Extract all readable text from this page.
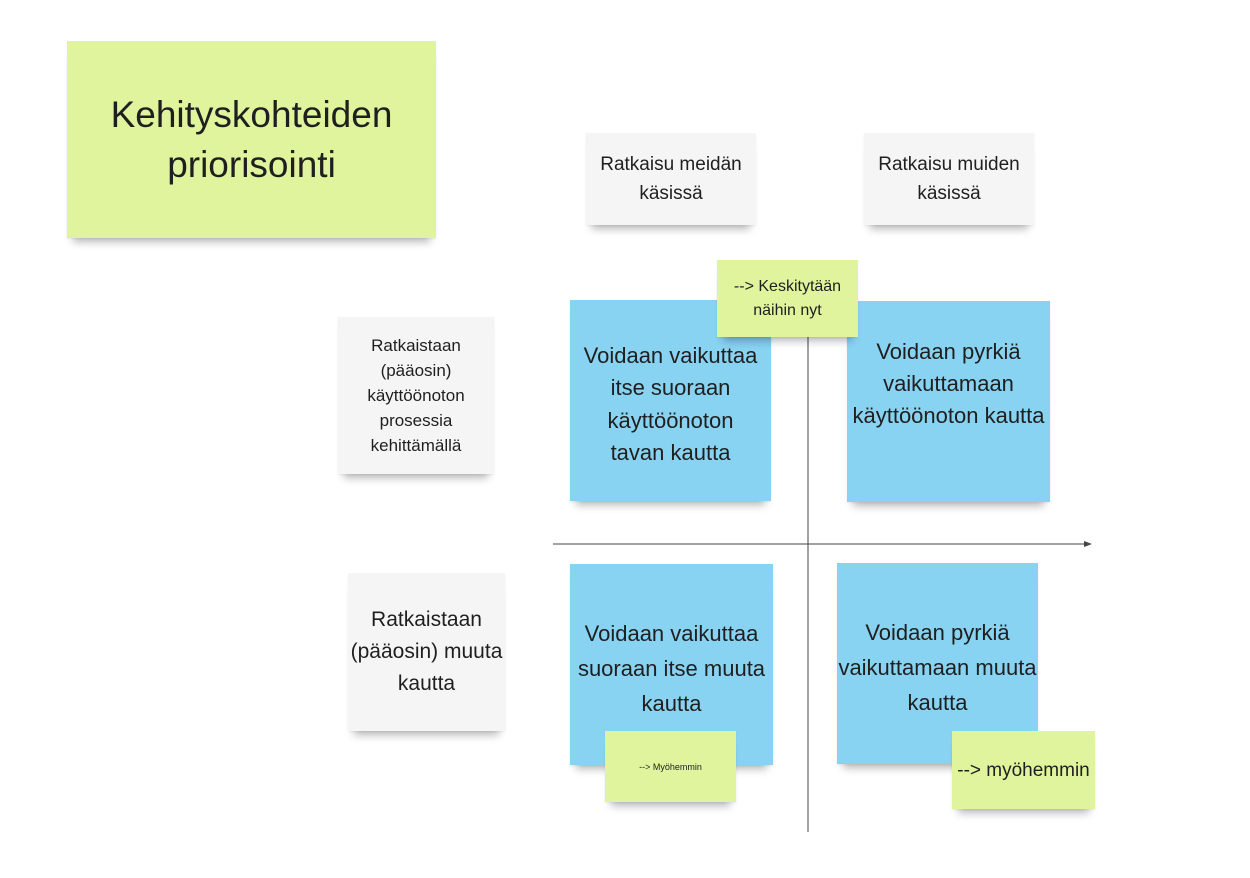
Kehityskohteiden priorisointi	Ratkaisu meidän käsissä
Ratkaisu muiden käsissä
Ratkaistaan (pääosin) käyttöönoton prosessia kehittämällä
Ratkaistaan (pääosin) muuta kautta
Voidaan vaikuttaa itse suoraan käyttöönoton tavan kautta
Voidaan pyrkiä vaikuttamaan käyttöönoton kautta
Voidaan vaikuttaa suoraan itse muuta kautta
Voidaan pyrkiä vaikuttamaan muuta kautta
--> Keskitytään näihin nyt
--> Myöhemmin	--> myöhemmin
